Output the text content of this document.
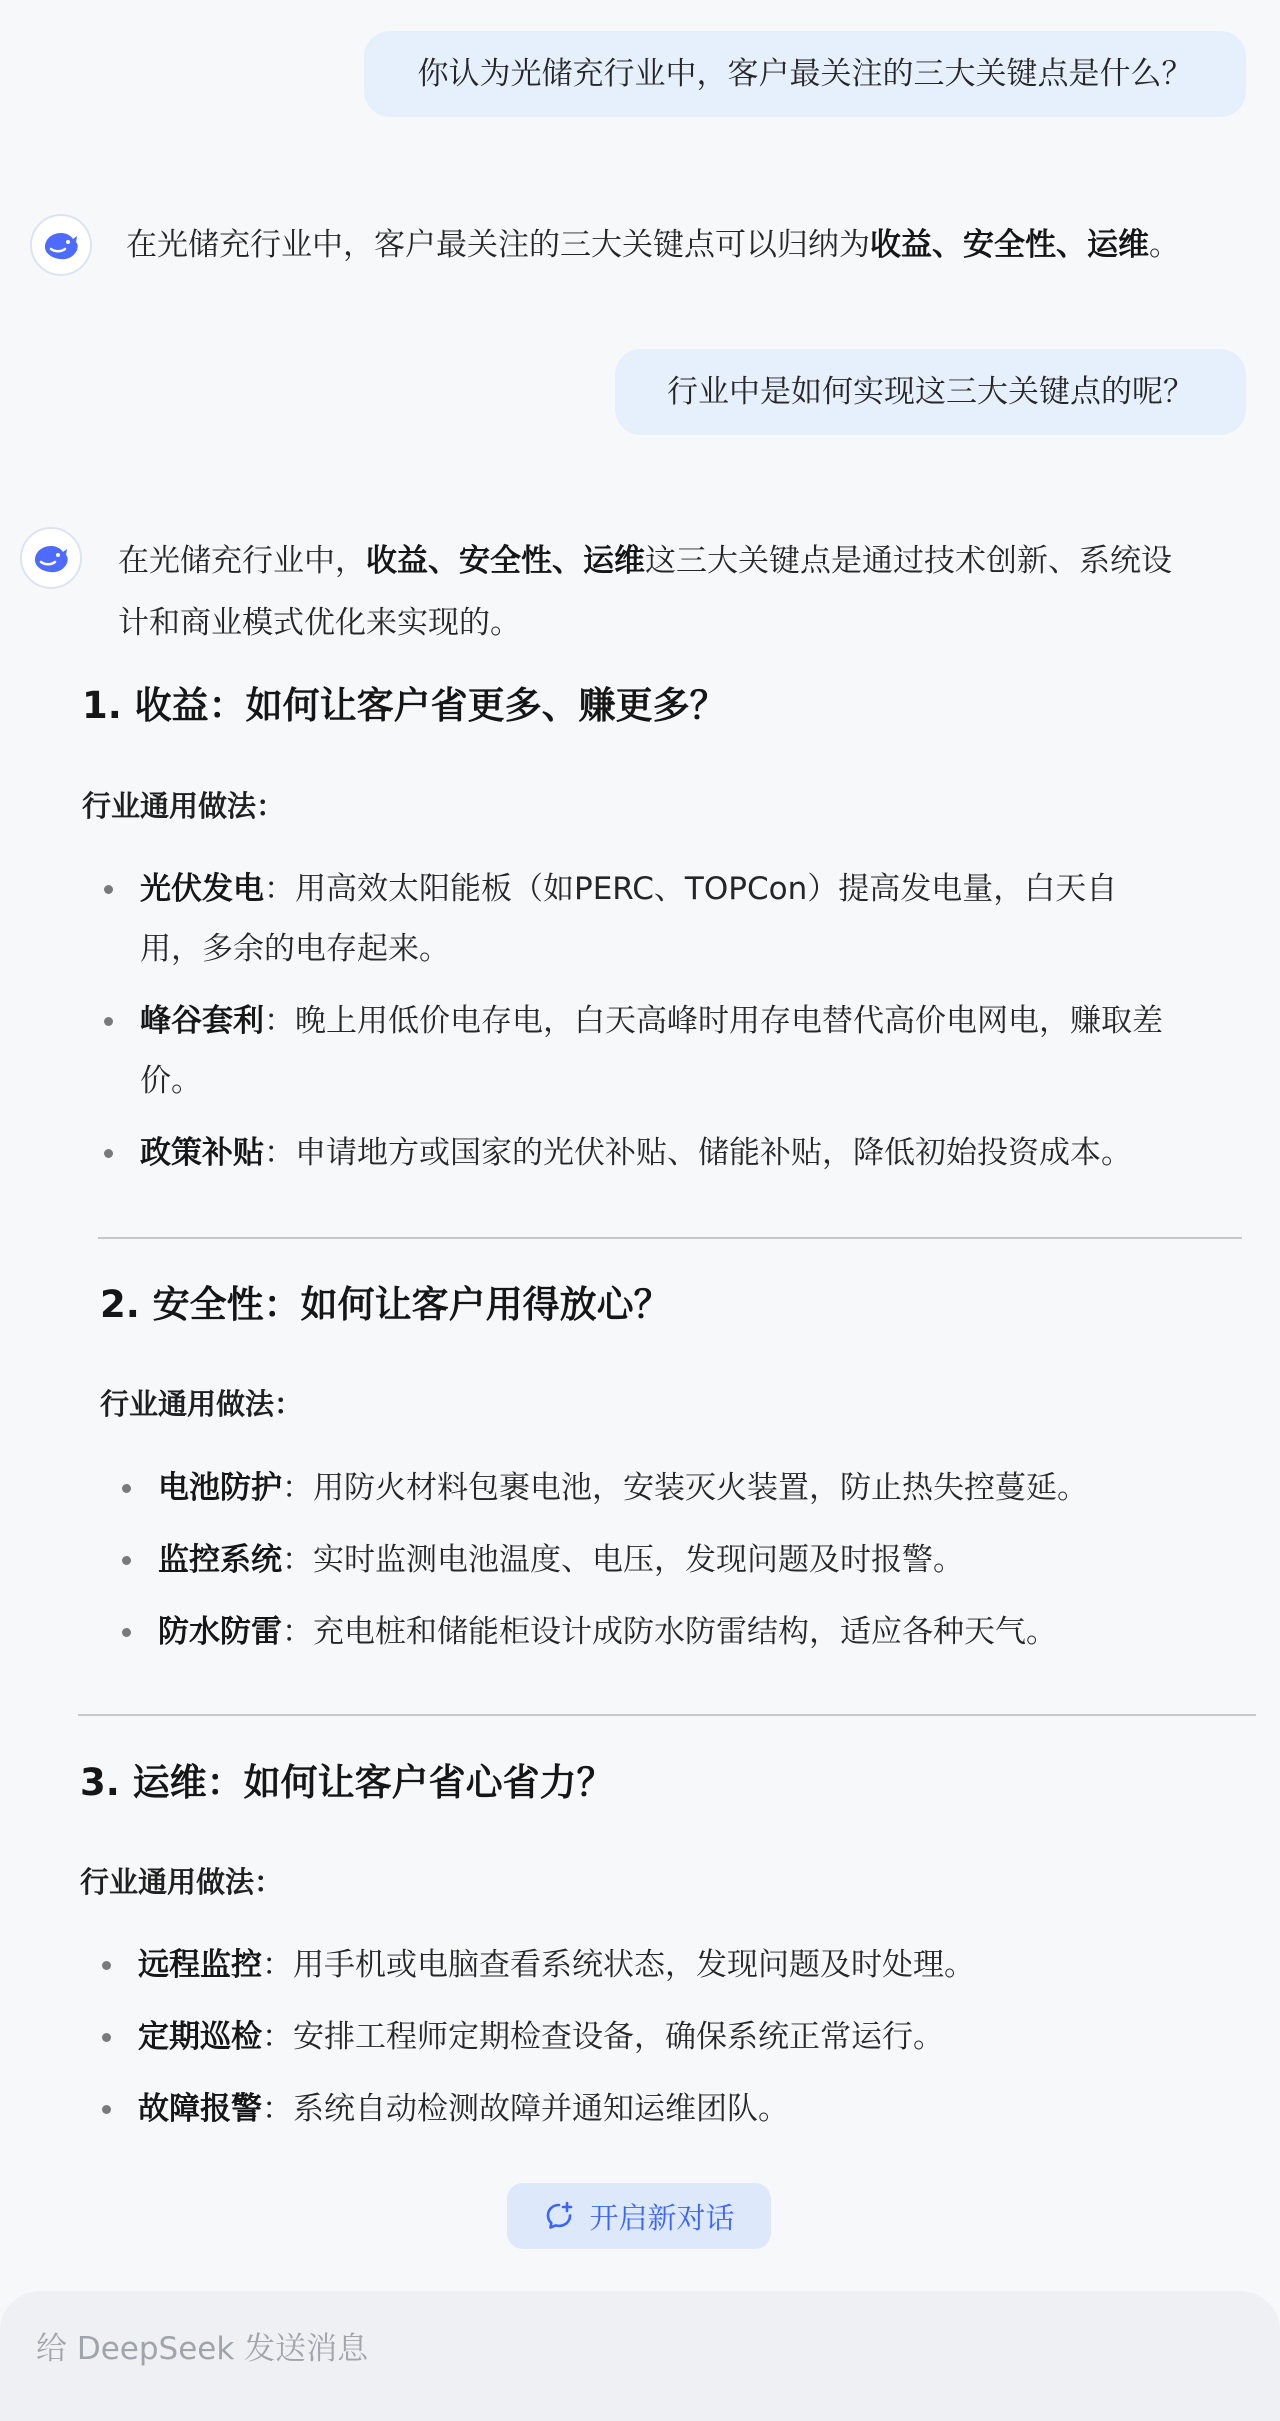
你认为光储充行业中，客户最关注的三大关键点是什么？
在光储充行业中，客户最关注的三大关键点可以归纳为收益、安全性、运维。
行业中是如何实现这三大关键点的呢？
在光储充行业中，收益、安全性、运维这三大关键点是通过技术创新、系统设
计和商业模式优化来实现的。
1. 收益：如何让客户省更多、赚更多？
行业通用做法：
光伏发电：用高效太阳能板（如PERC、TOPCon）提高发电量，白天自
用，多余的电存起来。
峰谷套利：晚上用低价电存电，白天高峰时用存电替代高价电网电，赚取差
价。
政策补贴：申请地方或国家的光伏补贴、储能补贴，降低初始投资成本。
2. 安全性：如何让客户用得放心？
行业通用做法：
电池防护：用防火材料包裹电池，安装灭火装置，防止热失控蔓延。
监控系统：实时监测电池温度、电压，发现问题及时报警。
防水防雷：充电桩和储能柜设计成防水防雷结构，适应各种天气。
3. 运维：如何让客户省心省力？
行业通用做法：
远程监控：用手机或电脑查看系统状态，发现问题及时处理。
定期巡检：安排工程师定期检查设备，确保系统正常运行。
故障报警：系统自动检测故障并通知运维团队。
开启新对话
给 DeepSeek 发送消息
